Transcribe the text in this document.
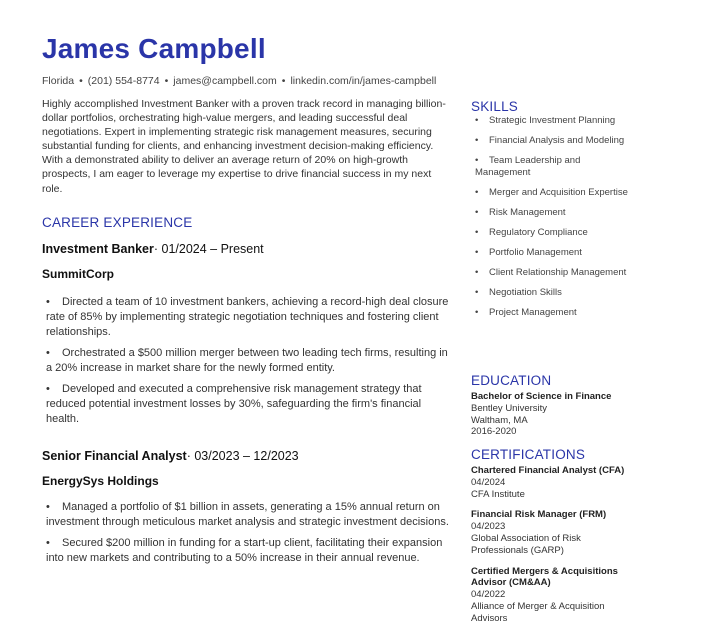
James Campbell
Florida • (201) 554-8774 • james@campbell.com • linkedin.com/in/james-campbell
Highly accomplished Investment Banker with a proven track record in managing billion-dollar portfolios, orchestrating high-value mergers, and leading successful deal negotiations. Expert in implementing strategic risk management measures, securing substantial funding for clients, and enhancing investment decision-making efficiency. With a demonstrated ability to deliver an average return of 20% on high-growth prospects, I am eager to leverage my expertise to drive financial success in my next role.
CAREER EXPERIENCE
Investment Banker· 01/2024 – Present
SummitCorp
• Directed a team of 10 investment bankers, achieving a record-high deal closure rate of 85% by implementing strategic negotiation techniques and fostering client relationships.
• Orchestrated a $500 million merger between two leading tech firms, resulting in a 20% increase in market share for the newly formed entity.
• Developed and executed a comprehensive risk management strategy that reduced potential investment losses by 30%, safeguarding the firm's financial health.
Senior Financial Analyst· 03/2023 – 12/2023
EnergySys Holdings
• Managed a portfolio of $1 billion in assets, generating a 15% annual return on investment through meticulous market analysis and strategic investment decisions.
• Secured $200 million in funding for a start-up client, facilitating their expansion into new markets and contributing to a 50% increase in their annual revenue.
SKILLS
• Strategic Investment Planning
• Financial Analysis and Modeling
• Team Leadership and Management
• Merger and Acquisition Expertise
• Risk Management
• Regulatory Compliance
• Portfolio Management
• Client Relationship Management
• Negotiation Skills
• Project Management
EDUCATION
Bachelor of Science in Finance
Bentley University
Waltham, MA
2016-2020
CERTIFICATIONS
Chartered Financial Analyst (CFA)
04/2024
CFA Institute
Financial Risk Manager (FRM)
04/2023
Global Association of Risk Professionals (GARP)
Certified Mergers & Acquisitions Advisor (CM&AA)
04/2022
Alliance of Merger & Acquisition Advisors
